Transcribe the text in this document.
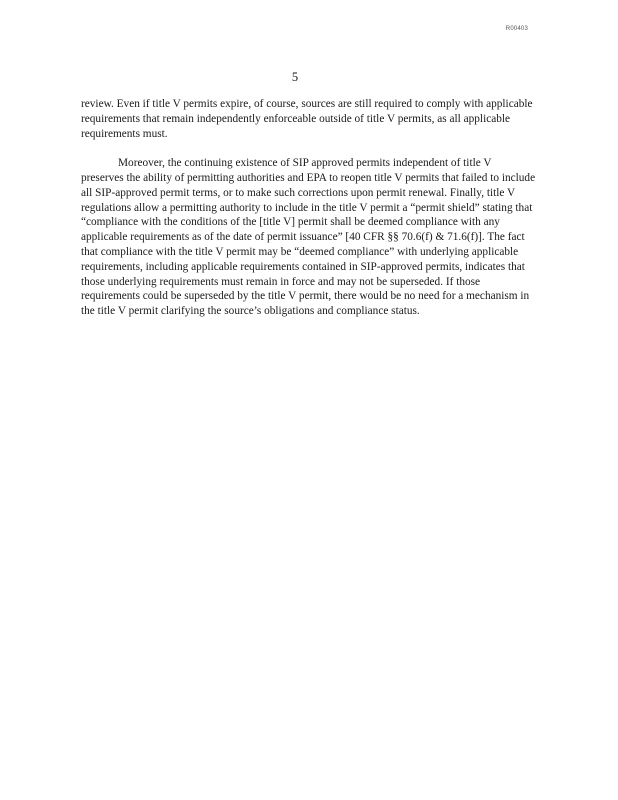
R00403
5

review. Even if title V permits expire, of course, sources are still required to comply with applicable requirements that remain independently enforceable outside of title V permits, as all applicable requirements must.

Moreover, the continuing existence of SIP approved permits independent of title V preserves the ability of permitting authorities and EPA to reopen title V permits that failed to include all SIP-approved permit terms, or to make such corrections upon permit renewal. Finally, title V regulations allow a permitting authority to include in the title V permit a “permit shield” stating that “compliance with the conditions of the [title V] permit shall be deemed compliance with any applicable requirements as of the date of permit issuance” [40 CFR §§ 70.6(f) & 71.6(f)]. The fact that compliance with the title V permit may be “deemed compliance” with underlying applicable requirements, including applicable requirements contained in SIP-approved permits, indicates that those underlying requirements must remain in force and may not be superseded. If those requirements could be superseded by the title V permit, there would be no need for a mechanism in the title V permit clarifying the source’s obligations and compliance status.
